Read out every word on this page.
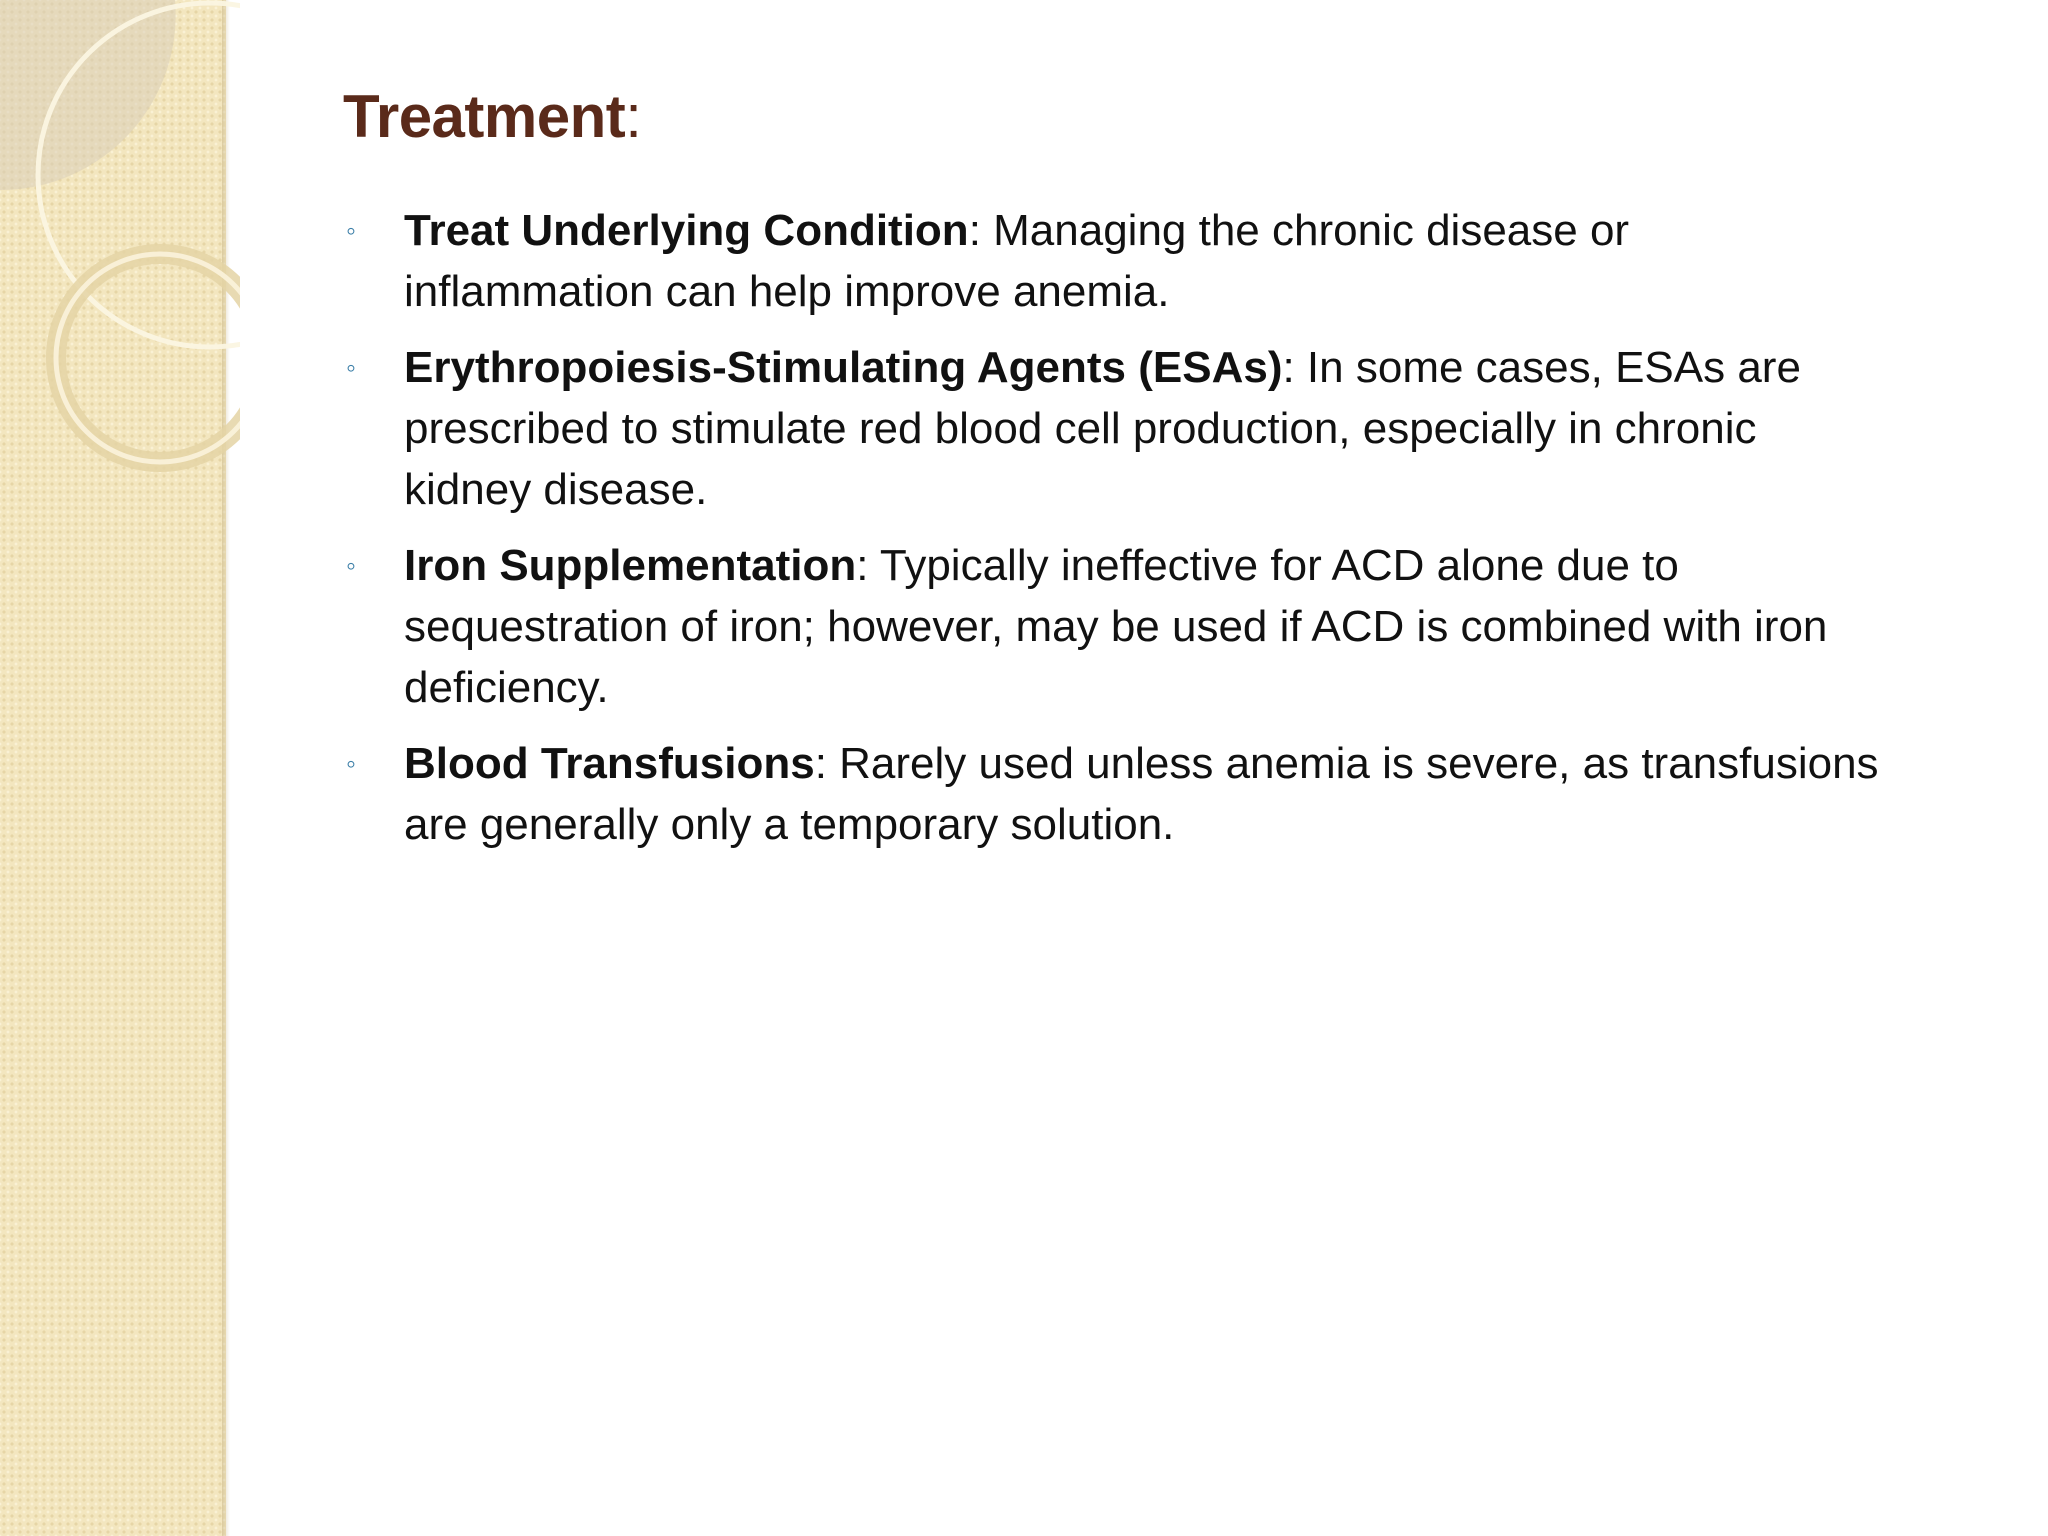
Treatment:
◦	Treat Underlying Condition: Managing the chronic disease or inflammation can help improve anemia.
◦	Erythropoiesis-Stimulating Agents (ESAs): In some cases, ESAs are prescribed to stimulate red blood cell production, especially in chronic kidney disease.
◦	Iron Supplementation: Typically ineffective for ACD alone due to sequestration of iron; however, may be used if ACD is combined with iron deficiency.
◦	Blood Transfusions: Rarely used unless anemia is severe, as transfusions are generally only a temporary solution.
